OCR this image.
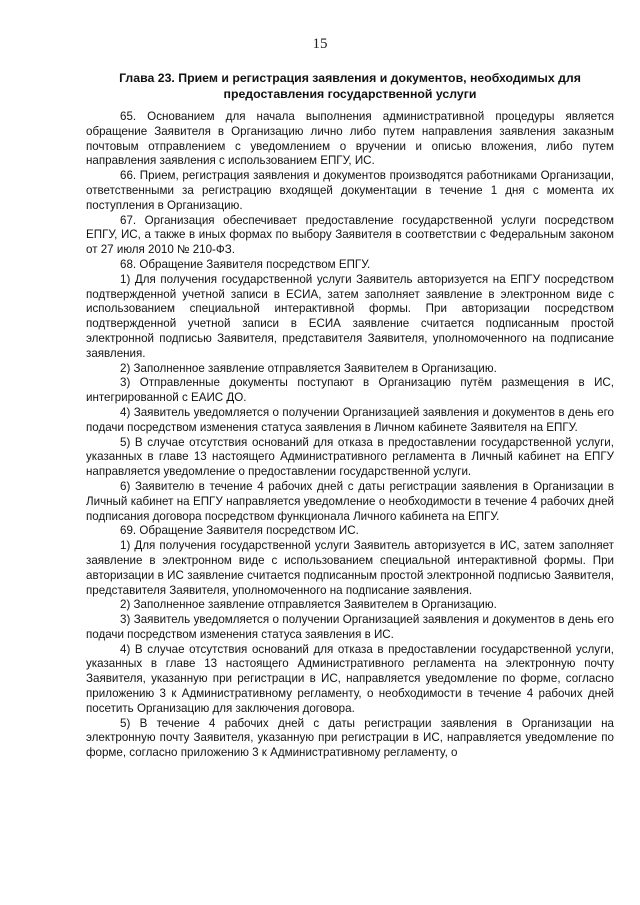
15
Глава 23. Прием и регистрация заявления и документов, необходимых для
предоставления государственной услуги

65. Основанием для начала выполнения административной процедуры является обращение Заявителя в Организацию лично либо путем направления заявления заказным почтовым отправлением с уведомлением о вручении и описью вложения, либо путем направления заявления с использованием ЕПГУ, ИС.

66. Прием, регистрация заявления и документов производятся работниками Организации, ответственными за регистрацию входящей документации в течение 1 дня с момента их поступления в Организацию.

67. Организация обеспечивает предоставление государственной услуги посредством ЕПГУ, ИС, а также в иных формах по выбору Заявителя в соответствии с Федеральным законом от 27 июля 2010 № 210-ФЗ.

68. Обращение Заявителя посредством ЕПГУ.

1) Для получения государственной услуги Заявитель авторизуется на ЕПГУ посредством подтвержденной учетной записи в ЕСИА, затем заполняет заявление в электронном виде с использованием специальной интерактивной формы. При авторизации посредством подтвержденной учетной записи в ЕСИА заявление считается подписанным простой электронной подписью Заявителя, представителя Заявителя, уполномоченного на подписание заявления.

2) Заполненное заявление отправляется Заявителем в Организацию.

3) Отправленные документы поступают в Организацию путём размещения в ИС, интегрированной с ЕАИС ДО.

4) Заявитель уведомляется о получении Организацией заявления и документов в день его подачи посредством изменения статуса заявления в Личном кабинете Заявителя на ЕПГУ.

5) В случае отсутствия оснований для отказа в предоставлении государственной услуги, указанных в главе 13 настоящего Административного регламента в Личный кабинет на ЕПГУ направляется уведомление о предоставлении государственной услуги.

6) Заявителю в течение 4 рабочих дней с даты регистрации заявления в Организации в Личный кабинет на ЕПГУ направляется уведомление о необходимости в течение 4 рабочих дней подписания договора посредством функционала Личного кабинета на ЕПГУ.

69. Обращение Заявителя посредством ИС.

1) Для получения государственной услуги Заявитель авторизуется в ИС, затем заполняет заявление в электронном виде с использованием специальной интерактивной формы. При авторизации в ИС заявление считается подписанным простой электронной подписью Заявителя, представителя Заявителя, уполномоченного на подписание заявления.

2) Заполненное заявление отправляется Заявителем в Организацию.

3) Заявитель уведомляется о получении Организацией заявления и документов в день его подачи посредством изменения статуса заявления в ИС.

4) В случае отсутствия оснований для отказа в предоставлении государственной услуги, указанных в главе 13 настоящего Административного регламента на электронную почту Заявителя, указанную при регистрации в ИС, направляется уведомление по форме, согласно приложению 3 к Административному регламенту, о необходимости в течение 4 рабочих дней посетить Организацию для заключения договора.

5) В течение 4 рабочих дней с даты регистрации заявления в Организации на электронную почту Заявителя, указанную при регистрации в ИС, направляется уведомление по форме, согласно приложению 3 к Административному регламенту, о
